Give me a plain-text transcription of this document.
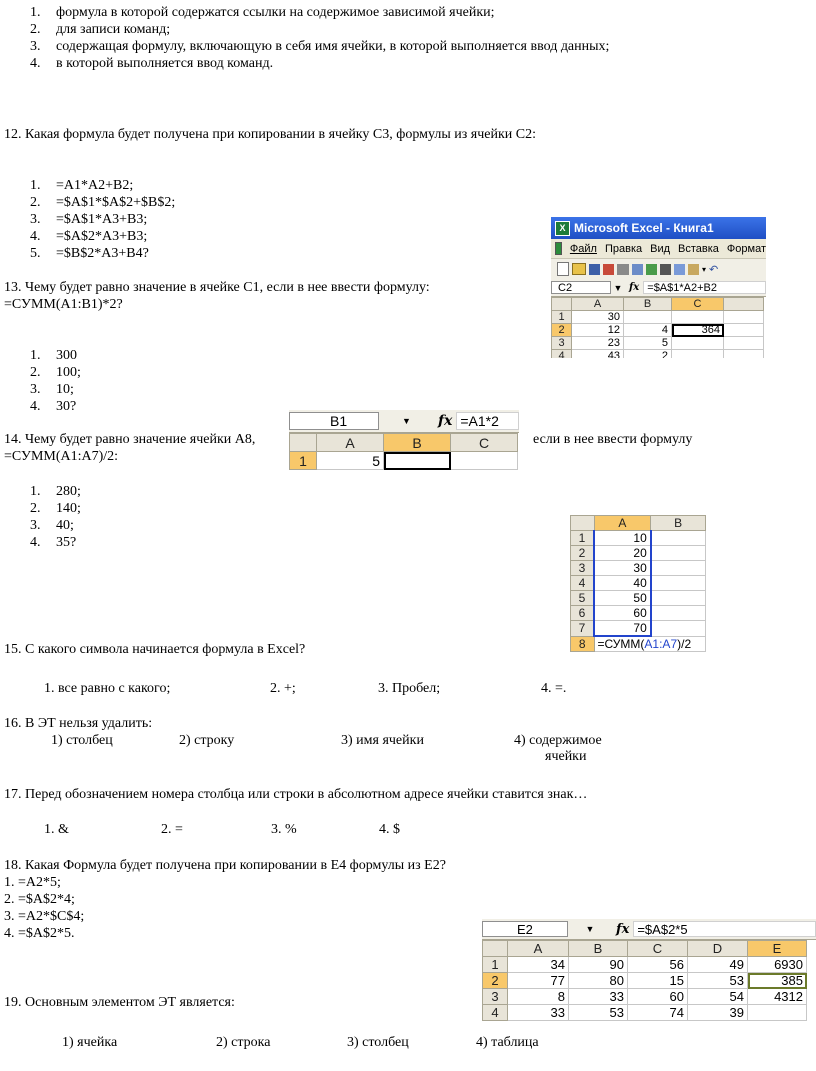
1. формула в которой содержатся ссылки на содержимое зависимой ячейки;
2. для записи команд;
3. содержащая формулу, включающую в себя имя ячейки, в которой выполняется ввод данных;
4. в которой выполняется ввод команд.
12. Какая формула будет получена при копировании в ячейку С3, формулы из ячейки С2:
1. =A1*A2+B2;
2. =$A$1*$A$2+$B$2;
3. =$A$1*A3+B3;
4. =$A$2*A3+B3;
5. =$B$2*A3+B4?
13. Чему будет равно значение в ячейке С1, если в нее ввести формулу:
=СУММ(А1:В1)*2?
1. 300
2. 100;
3. 10;
4. 30?
14. Чему будет равно значение ячейки А8,	если в нее ввести формулу
=СУММ(А1:А7)/2:
1. 280;
2. 140;
3. 40;
4. 35?
15. С какого символа начинается формула в Excel?
1. все равно с какого;	2. +;	3. Пробел;	4. =.
16. В ЭТ нельзя удалить:
1) столбец	2) строку	3) имя ячейки	4) содержимое
ячейки
17. Перед обозначением номера столбца или строки в абсолютном адресе ячейки ставится знак…
1. &	2. =	3. %	4. $
18. Какая Формула будет получена при копировании в Е4 формулы из Е2?
1. =A2*5;
2. =$A$2*4;
3. =A2*$C$4;
4. =$A$2*5.
19. Основным элементом ЭТ является:
1) ячейка	2) строка	3) столбец	4) таблица
X Microsoft Excel - Книга1
Файл Правка Вид Вставка Формат
▾ ↶
C2	▼ fx =$A$1*A2+B2
	A	B	C	
1	30			
2	12	4	364	
3	23	5		
4	43	2		
B1	▼	fx =A1*2
	A	B	C
1	5		
	A	B
1	10	
2	20	
3	30	
4	40	
5	50	
6	60	
7	70	
8	=СУММ(A1:A7)/2	
E2	▼	fx =$A$2*5
	A	B	C	D	E
1	34	90	56	49	6930
2	77	80	15	53	385
3	8	33	60	54	4312
4	33	53	74	39	
